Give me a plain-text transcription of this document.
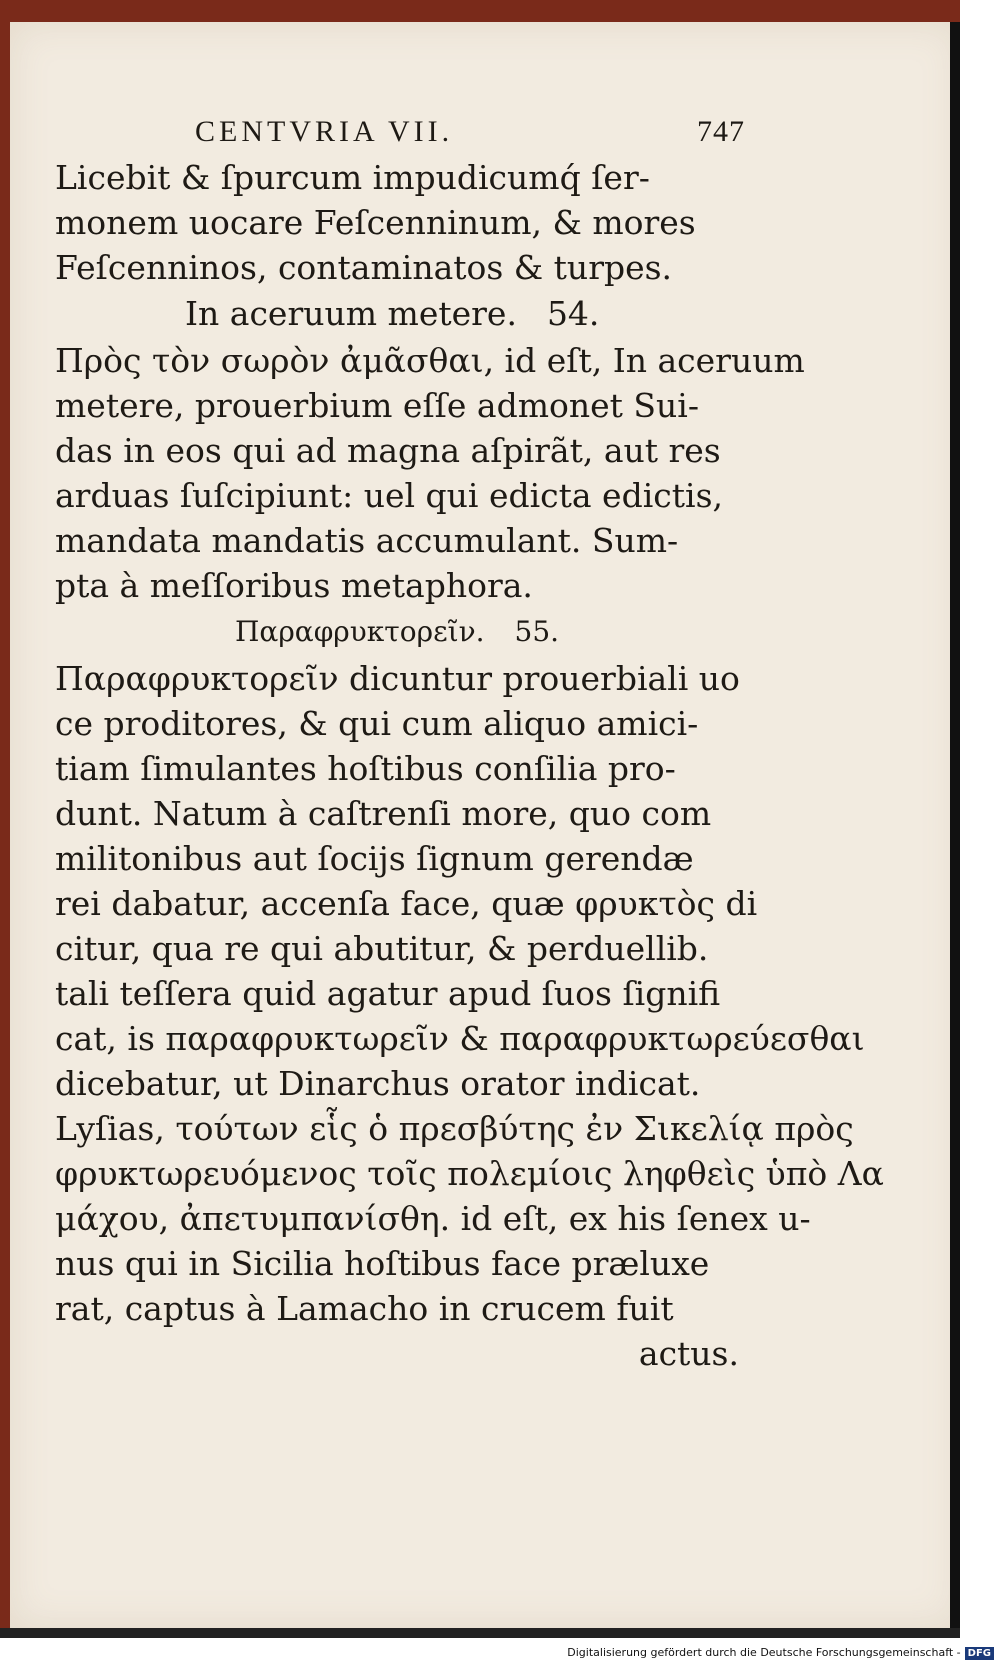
CENTVRIA VII.	747
Licebit & ſpurcum impudicumq́ ſer-
monem uocare Feſcenninum, & mores
Feſcenninos, contaminatos & turpes.
In aceruum metere. 54.
Πρὸς τὸν σωρὸν ἀμᾶσθαι, id eſt, In aceruum
metere, prouerbium eſſe admonet Sui-
das in eos qui ad magna aſpirãt, aut res
arduas ſuſcipiunt: uel qui edicta edictis,
mandata mandatis accumulant. Sum-
pta à meſſoribus metaphora.
Παραφρυκτορεῖν. 55.
Παραφρυκτορεῖν dicuntur prouerbiali uo
ce proditores, & qui cum aliquo amici-
tiam ſimulantes hoſtibus conſilia pro-
dunt. Natum à caſtrenſi more, quo com
militonibus aut ſocijs ſignum gerendæ
rei dabatur, accenſa face, quæ φρυκτὸς di
citur, qua re qui abutitur, & perduellib.
tali teſſera quid agatur apud ſuos ſignifi
cat, is παραφρυκτωρεῖν & παραφρυκτωρεύεσθαι
dicebatur, ut Dinarchus orator indicat.
Lyſias, τούτων εἷς ὁ πρεσβύτης ἐν Σικελίᾳ πρὸς
φρυκτωρευόμενος τοῖς πολεμίοις ληφθεὶς ὑπὸ Λα
μάχου, ἀπετυμπανίσθη. id eſt, ex his ſenex u-
nus qui in Sicilia hoſtibus face præluxe
rat, captus à Lamacho in crucem fuit
actus.
Digitalisierung gefördert durch die Deutsche Forschungsgemeinschaft - DFG
